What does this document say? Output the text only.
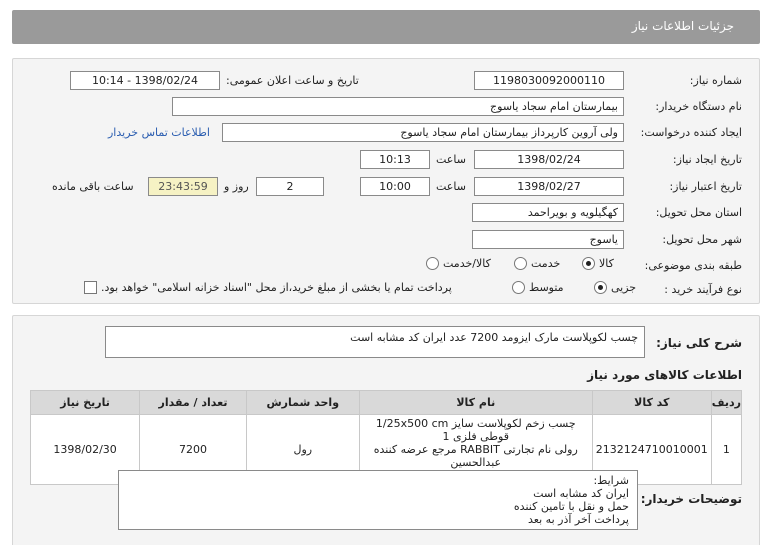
جزئیات اطلاعات نیاز
شماره نیاز:
1198030092000110
تاریخ و ساعت اعلان عمومی:
1398/02/24 - 10:14
نام دستگاه خریدار:
بیمارستان امام سجاد یاسوج
ایجاد کننده درخواست:
ولی آروین کارپرداز بیمارستان امام سجاد یاسوج
اطلاعات تماس خریدار
تاریخ ایجاد نیاز:
1398/02/24
ساعت
10:13
تاریخ اعتبار نیاز:
1398/02/27
ساعت
10:00
2
روز و
23:43:59
ساعت باقی مانده
استان محل تحویل:
کهگیلویه و بویراحمد
شهر محل تحویل:
یاسوج
طبقه بندی موضوعی:
کالا
خدمت
کالا/خدمت
نوع فرآیند خرید :
جزیی
متوسط
پرداخت تمام یا بخشی از مبلغ خرید،از محل "اسناد خزانه اسلامی" خواهد بود.
شرح کلی نیاز:
چسب لکوپلاست مارک ایزومد 7200 عدد ایران کد مشابه است
اطلاعات کالاهای مورد نیاز
ردیف	کد کالا	نام کالا	واحد شمارش	تعداد / مقدار	تاریخ نیاز
1	2132124710010001	چسب زخم لکوپلاست سایز 1/25x500 cm قوطی فلزی 1
رولی نام تجارتی RABBIT مرجع عرضه کننده عبدالحسین	رول	7200	1398/02/30
توضیحات خریدار:
شرایط:
ایران کد مشابه است
حمل و نقل با تامین کننده
پرداخت آخر آذر به بعد
